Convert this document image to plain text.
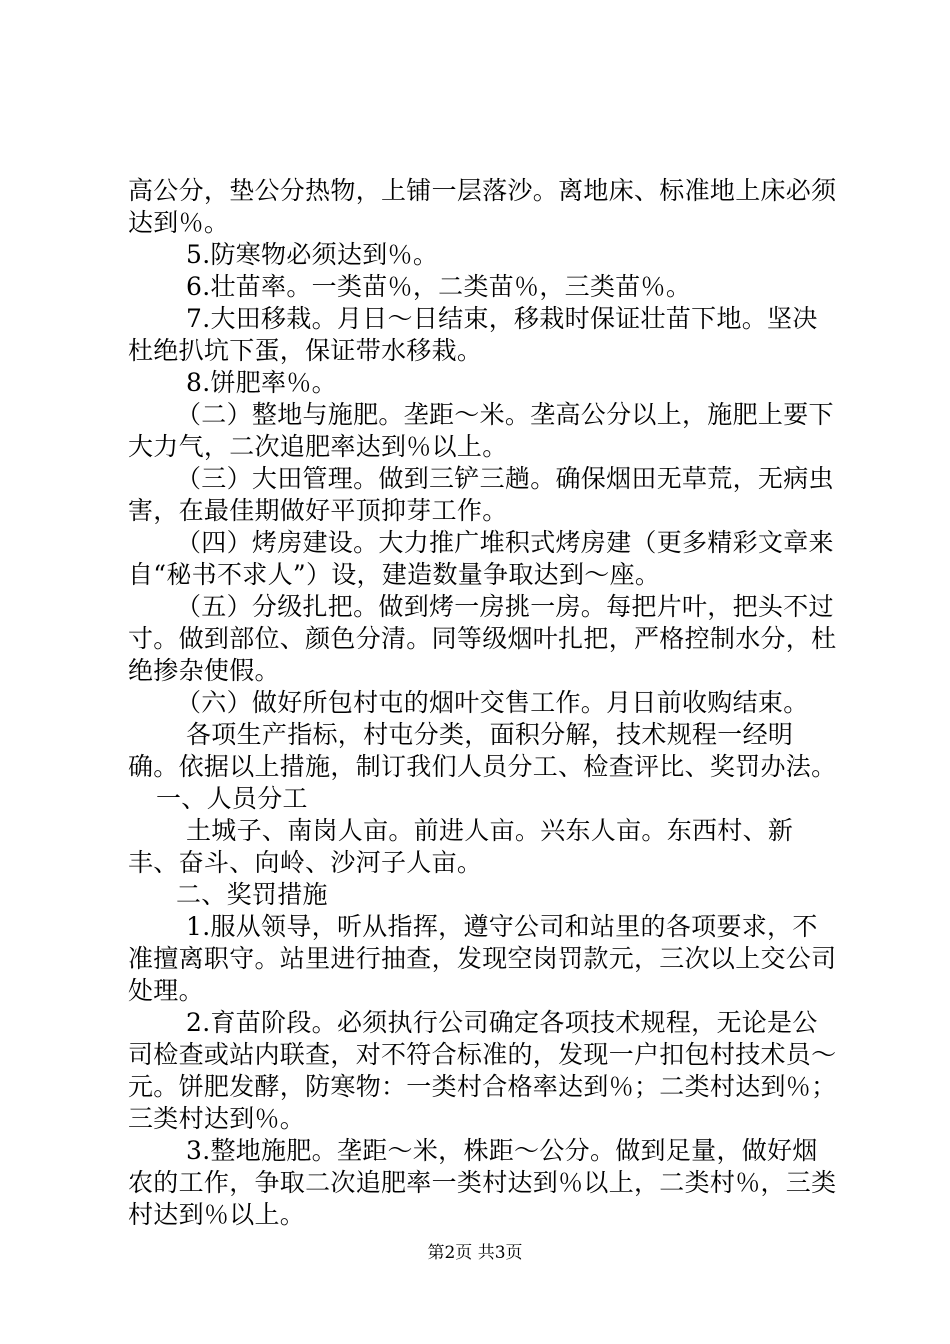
高公分，垫公分热物，上铺一层落沙。离地床、标准地上床必须达到％。

5.防寒物必须达到％。

6.壮苗率。一类苗％，二类苗％，三类苗％。

7.大田移栽。月日～日结束，移栽时保证壮苗下地。坚决杜绝扒坑下蛋，保证带水移栽。

8.饼肥率％。

（二）整地与施肥。垄距～米。垄高公分以上，施肥上要下大力气，二次追肥率达到％以上。

（三）大田管理。做到三铲三趟。确保烟田无草荒，无病虫害，在最佳期做好平顶抑芽工作。

（四）烤房建设。大力推广堆积式烤房建（更多精彩文章来自“秘书不求人”）设，建造数量争取达到～座。

（五）分级扎把。做到烤一房挑一房。每把片叶，把头不过寸。做到部位、颜色分清。同等级烟叶扎把，严格控制水分，杜绝掺杂使假。

（六）做好所包村屯的烟叶交售工作。月日前收购结束。

各项生产指标，村屯分类，面积分解，技术规程一经明确。依据以上措施，制订我们人员分工、检查评比、奖罚办法。

一、人员分工

土城子、南岗人亩。前进人亩。兴东人亩。东西村、新丰、奋斗、向岭、沙河子人亩。

二、奖罚措施

1.服从领导，听从指挥，遵守公司和站里的各项要求，不准擅离职守。站里进行抽查，发现空岗罚款元，三次以上交公司处理。

2.育苗阶段。必须执行公司确定各项技术规程，无论是公司检查或站内联查，对不符合标准的，发现一户扣包村技术员～元。饼肥发酵，防寒物：一类村合格率达到％；二类村达到％；三类村达到％。

3.整地施肥。垄距～米，株距～公分。做到足量，做好烟农的工作，争取二次追肥率一类村达到％以上，二类村％，三类村达到％以上。

第2页 共3页
